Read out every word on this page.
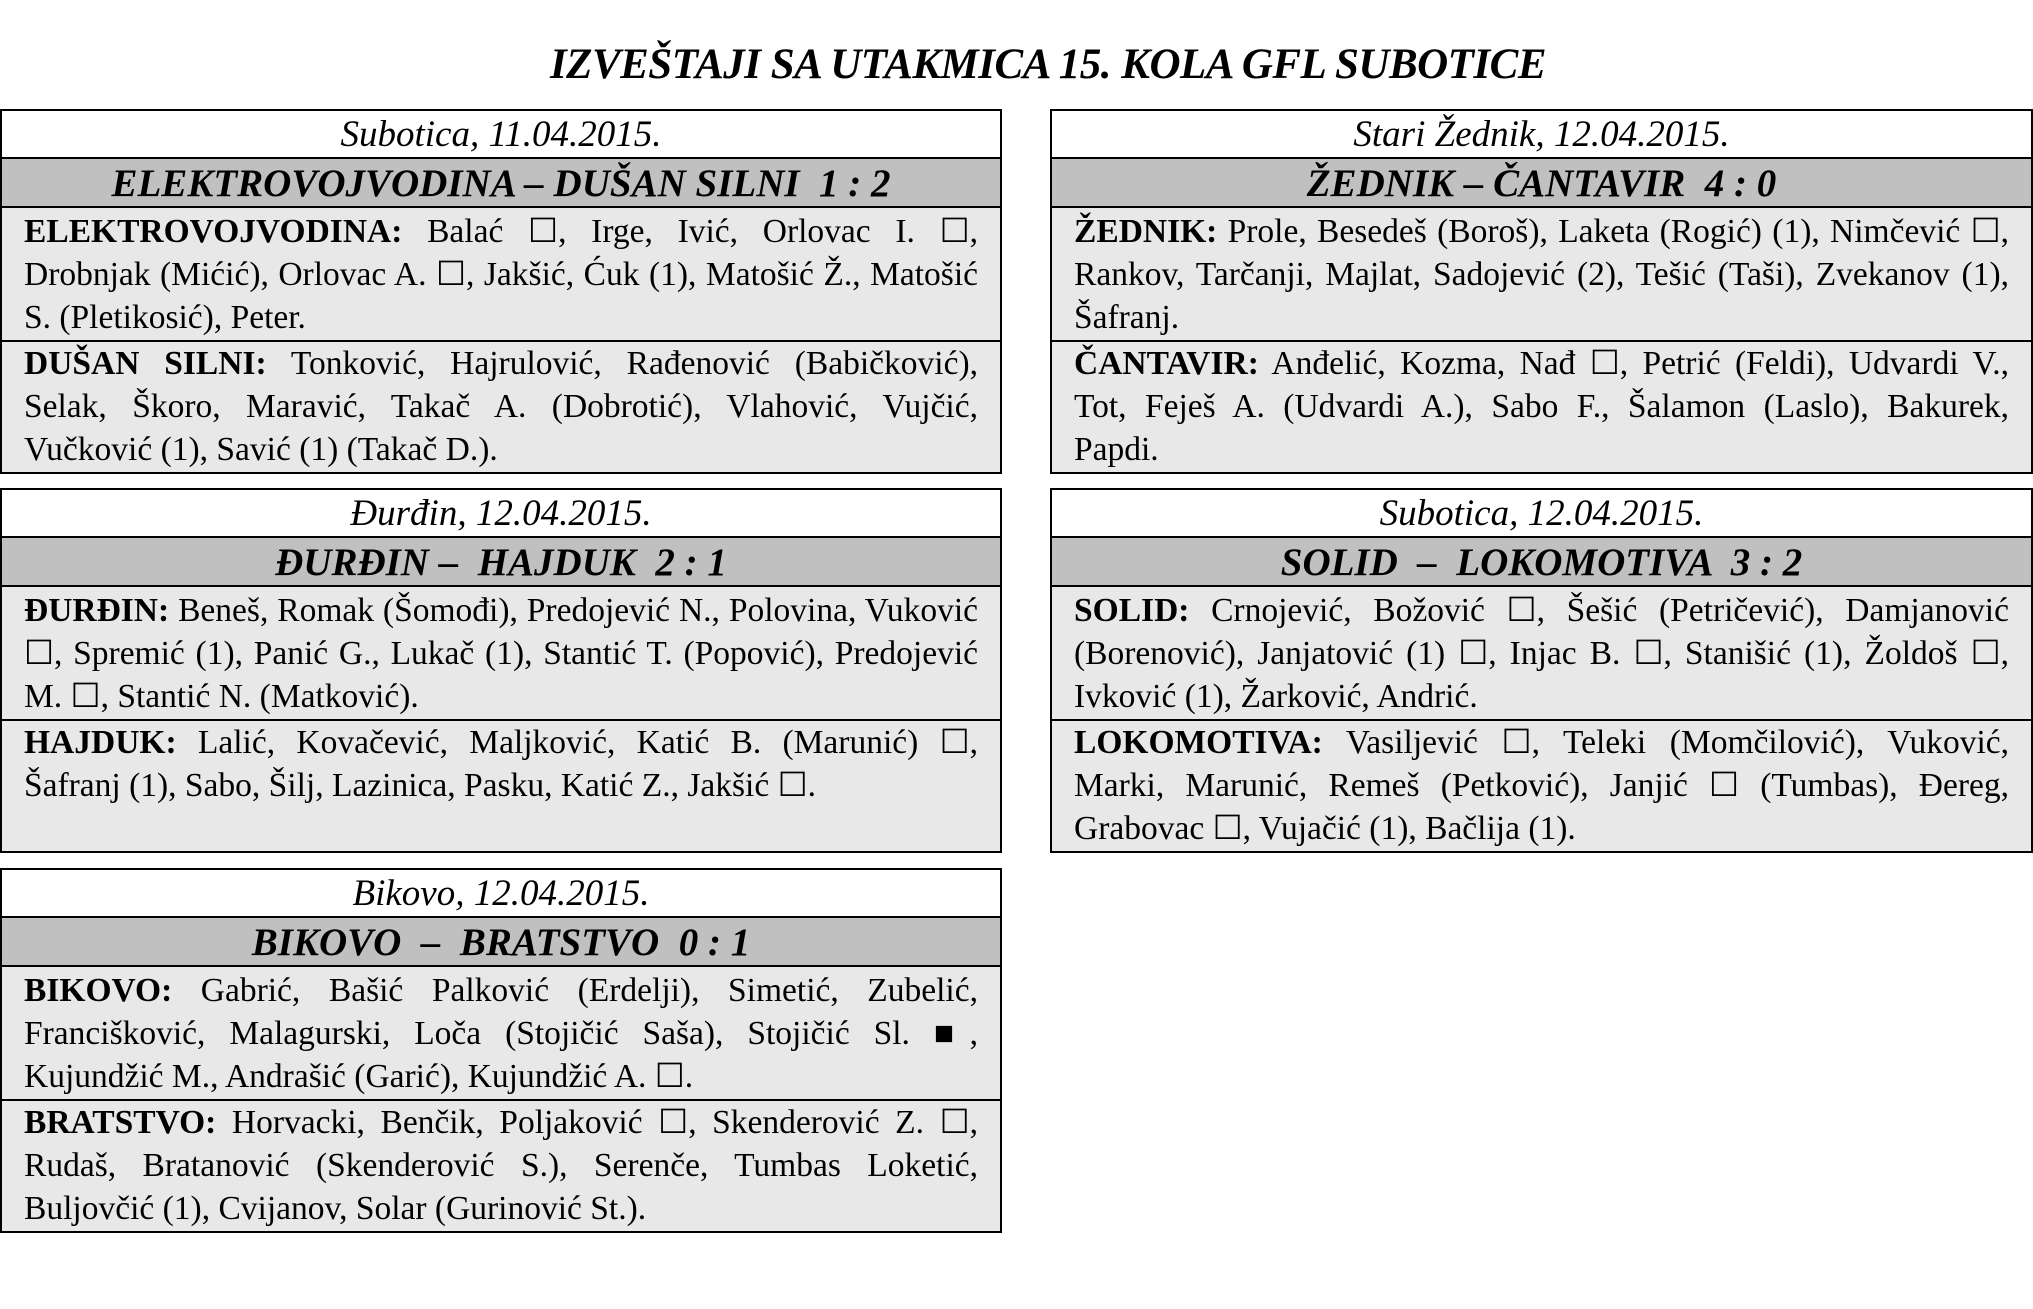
IZVEŠTAJI SA UTAKMICA 15. KOLA GFL SUBOTICE
Subotica, 11.04.2015.
ELEKTROVOJVODINA – DUŠAN SILNI  1 : 2
ELEKTROVOJVODINA: Balać ☐, Irge, Ivić, Orlovac I. ☐, Drobnjak (Mićić), Orlovac A. ☐, Jakšić, Ćuk (1), Matošić Ž., Matošić S. (Pletikosić), Peter.
DUŠAN SILNI: Tonković, Hajrulović, Rađenović (Babičković), Selak, Škoro, Maravić, Takač A. (Dobrotić), Vlahović, Vujčić, Vučković (1), Savić (1) (Takač D.).
Stari Žednik, 12.04.2015.
ŽEDNIK – ČANTAVIR  4 : 0
ŽEDNIK: Prole, Besedeš (Boroš), Laketa (Rogić) (1), Nimčević ☐, Rankov, Tarčanji, Majlat, Sadojević (2), Tešić (Taši), Zvekanov (1), Šafranj.
ČANTAVIR: Anđelić, Kozma, Nađ ☐, Petrić (Feldi), Udvardi V., Tot, Feješ A. (Udvardi A.), Sabo F., Šalamon (Laslo), Bakurek, Papdi.
Đurđin, 12.04.2015.
ĐURĐIN –  HAJDUK  2 : 1
ĐURĐIN: Beneš, Romak (Šomođi), Predojević N., Polovina, Vuković ☐, Spremić (1), Panić G., Lukač (1), Stantić T. (Popović), Predojević M. ☐, Stantić N. (Matković).
HAJDUK: Lalić, Kovačević, Maljković, Katić B. (Marunić) ☐, Šafranj (1), Sabo, Šilj, Lazinica, Pasku, Katić Z., Jakšić ☐.
Subotica, 12.04.2015.
SOLID  –  LOKOMOTIVA  3 : 2
SOLID: Crnojević, Božović ☐, Šešić (Petričević), Damjanović (Borenović), Janjatović (1) ☐, Injac B. ☐, Stanišić (1), Žoldoš ☐, Ivković (1), Žarković, Andrić.
LOKOMOTIVA: Vasiljević ☐, Teleki (Momčilović), Vuković, Marki, Marunić, Remeš (Petković), Janjić ☐ (Tumbas), Đereg, Grabovac ☐, Vujačić (1), Bačlija (1).
Bikovo, 12.04.2015.
BIKOVO  –  BRATSTVO  0 : 1
BIKOVO: Gabrić, Bašić Palković (Erdelji), Simetić, Zubelić, Francišković, Malagurski, Loča (Stojičić Saša), Stojičić Sl. ■, Kujundžić M., Andrašić (Garić), Kujundžić A. ☐.
BRATSTVO: Horvacki, Benčik, Poljaković ☐, Skenderović Z. ☐, Rudaš, Bratanović (Skenderović S.), Serenče, Tumbas Loketić, Buljovčić (1), Cvijanov, Solar (Gurinović St.).
